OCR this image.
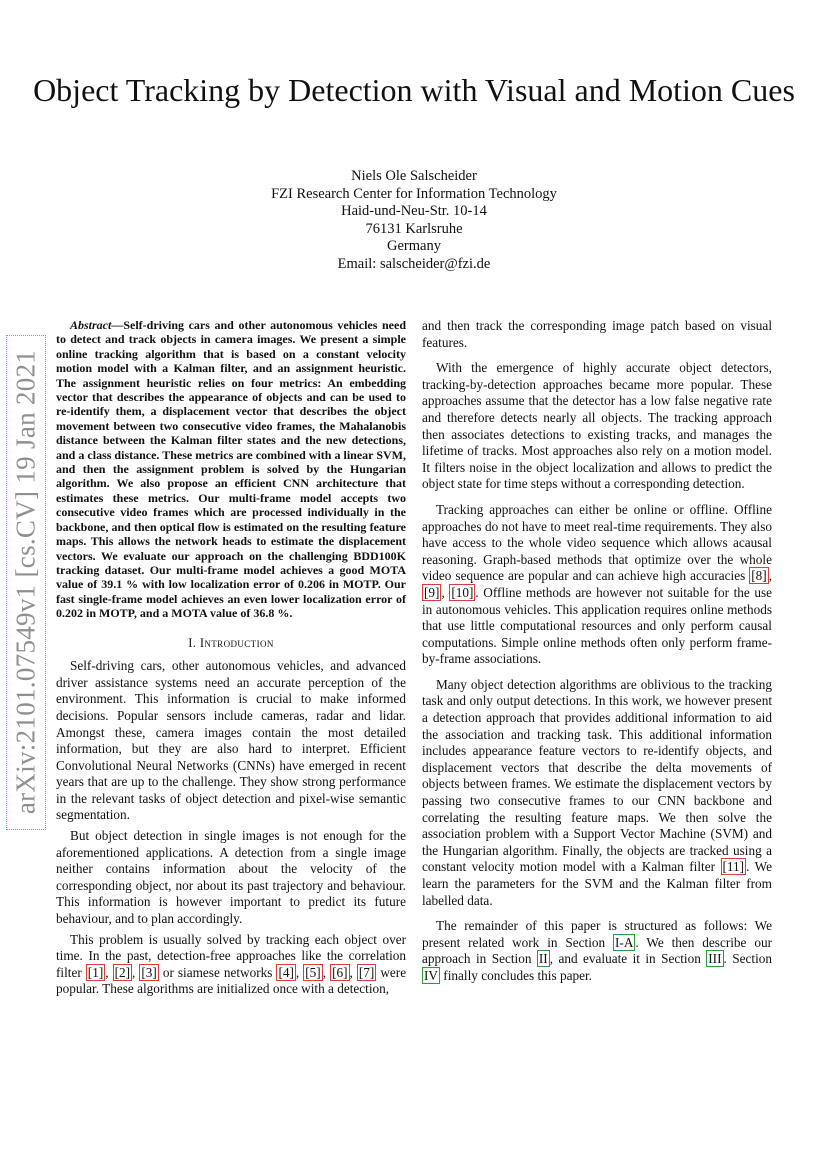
Object Tracking by Detection with Visual and Motion Cues
Niels Ole Salscheider
FZI Research Center for Information Technology
Haid-und-Neu-Str. 10-14
76131 Karlsruhe
Germany
Email: salscheider@fzi.de
arXiv:2101.07549v1 [cs.CV] 19 Jan 2021

Abstract—Self-driving cars and other autonomous vehicles need to detect and track objects in camera images. We present a simple online tracking algorithm that is based on a constant velocity motion model with a Kalman filter, and an assignment heuristic. The assignment heuristic relies on four metrics: An embedding vector that describes the appearance of objects and can be used to re-identify them, a displacement vector that describes the object movement between two consecutive video frames, the Mahalanobis distance between the Kalman filter states and the new detections, and a class distance. These metrics are combined with a linear SVM, and then the assignment problem is solved by the Hungarian algorithm. We also propose an efficient CNN architecture that estimates these metrics. Our multi-frame model accepts two consecutive video frames which are processed individually in the backbone, and then optical flow is estimated on the resulting feature maps. This allows the network heads to estimate the displacement vectors. We evaluate our approach on the challenging BDD100K tracking dataset. Our multi-frame model achieves a good MOTA value of 39.1 % with low localization error of 0.206 in MOTP. Our fast single-frame model achieves an even lower localization error of 0.202 in MOTP, and a MOTA value of 36.8 %.

I. Introduction

Self-driving cars, other autonomous vehicles, and advanced driver assistance systems need an accurate perception of the environment. This information is crucial to make informed decisions. Popular sensors include cameras, radar and lidar. Amongst these, camera images contain the most detailed information, but they are also hard to interpret. Efficient Convolutional Neural Networks (CNNs) have emerged in recent years that are up to the challenge. They show strong performance in the relevant tasks of object detection and pixel-wise semantic segmentation.

But object detection in single images is not enough for the aforementioned applications. A detection from a single image neither contains information about the velocity of the corresponding object, nor about its past trajectory and behaviour. This information is however important to predict its future behaviour, and to plan accordingly.

This problem is usually solved by tracking each object over time. In the past, detection-free approaches like the correlation filter [1] , [2] , [3] or siamese networks [4] , [5] , [6] , [7] were popular. These algorithms are initialized once with a detection,

and then track the corresponding image patch based on visual features.

With the emergence of highly accurate object detectors, tracking-by-detection approaches became more popular. These approaches assume that the detector has a low false negative rate and therefore detects nearly all objects. The tracking approach then associates detections to existing tracks, and manages the lifetime of tracks. Most approaches also rely on a motion model. It filters noise in the object localization and allows to predict the object state for time steps without a corresponding detection.

Tracking approaches can either be online or offline. Offline approaches do not have to meet real-time requirements. They also have access to the whole video sequence which allows acausal reasoning. Graph-based methods that optimize over the whole video sequence are popular and can achieve high accuracies [8] , [9] , [10] . Offline methods are however not suitable for the use in autonomous vehicles. This application requires online methods that use little computational resources and only perform causal computations. Simple online methods often only perform frame-by-frame associations.

Many object detection algorithms are oblivious to the tracking task and only output detections. In this work, we however present a detection approach that provides additional information to aid the association and tracking task. This additional information includes appearance feature vectors to re-identify objects, and displacement vectors that describe the delta movements of objects between frames. We estimate the displacement vectors by passing two consecutive frames to our CNN backbone and correlating the resulting feature maps. We then solve the association problem with a Support Vector Machine (SVM) and the Hungarian algorithm. Finally, the objects are tracked using a constant velocity motion model with a Kalman filter [11] . We learn the parameters for the SVM and the Kalman filter from labelled data.

The remainder of this paper is structured as follows: We present related work in Section I-A . We then describe our approach in Section II , and evaluate it in Section III . Section IV finally concludes this paper.
